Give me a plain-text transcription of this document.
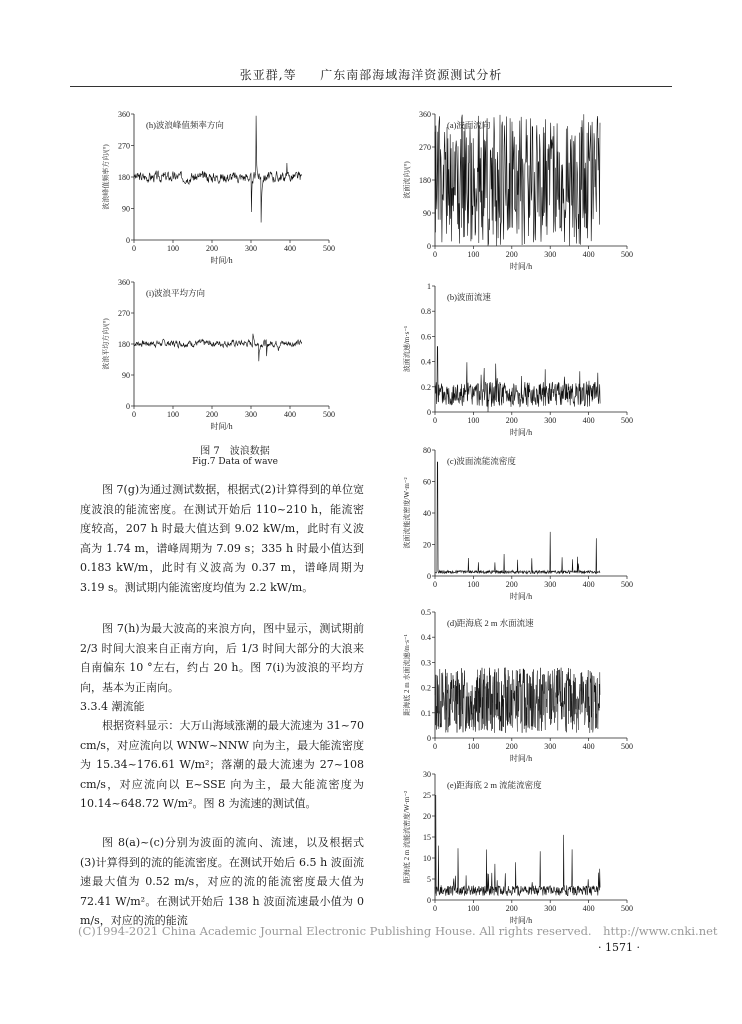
张亚群,等 广东南部海域海洋资源测试分析
0	100	200	300	400	500
0
90
180
270
360
(h)波浪峰值频率方向
时间/h
波浪峰值频率方向/(°)
0	100	200	300	400	500
0
90
180
270
360
(i)波浪平均方向
时间/h
波浪平均方向/(°)
0	100	200	300	400	500
0
90
180
270
360
(a)波面流向
时间/h
波面流向/(°)
0	100	200	300	400	500
0
0.2
0.4
0.6
0.8
1
(b)波面流速
时间/h
波面流速/m·s⁻¹
0	100	200	300	400	500
0
20
40
60
80
(c)波面流能流密度
时间/h
波面流能流密度/W·m⁻²
0	100	200	300	400	500
0
0.1
0.2
0.3
0.4
0.5
(d)距海底 2 m 水面流速
时间/h
距海底 2 m 水面流速/m·s⁻¹
0	100	200	300	400	500
0
5
10
15
20
25
30
(e)距海底 2 m 流能流密度
时间/h
距海底 2 m 流能流密度/W·m⁻²
图 7　波浪数据
Fig.7 Data of wave

图 7(g)为通过测试数据，根据式(2)计算得到的单位宽度波浪的能流密度。在测试开始后 110~210 h，能流密度较高，207 h 时最大值达到 9.02 kW/m，此时有义波高为 1.74 m，谱峰周期为 7.09 s；335 h 时最小值达到 0.183 kW/m，此时有义波高为 0.37 m，谱峰周期为 3.19 s。测试期内能流密度均值为 2.2 kW/m。

图 7(h)为最大波高的来浪方向，图中显示，测试期前 2/3 时间大浪来自正南方向，后 1/3 时间大部分的大浪来自南偏东 10 °左右，约占 20 h。图 7(i)为波浪的平均方向，基本为正南向。

3.3.4 潮流能

根据资料显示：大万山海域涨潮的最大流速为 31~70 cm/s，对应流向以 WNW~NNW 向为主，最大能流密度为 15.34~176.61 W/m²；落潮的最大流速为 27~108 cm/s，对应流向以 E~SSE 向为主，最大能流密度为 10.14~648.72 W/m²。图 8 为流速的测试值。

图 8(a)~(c)分别为波面的流向、流速，以及根据式(3)计算得到的流的能流密度。在测试开始后 6.5 h 波面流速最大值为 0.52 m/s，对应的流的能流密度最大值为 72.41 W/m²。在测试开始后 138 h 波面流速最小值为 0 m/s，对应的流的能流

(C)1994-2021 China Academic Journal Electronic Publishing House. All rights reserved.　http://www.cnki.net
· 1571 ·
